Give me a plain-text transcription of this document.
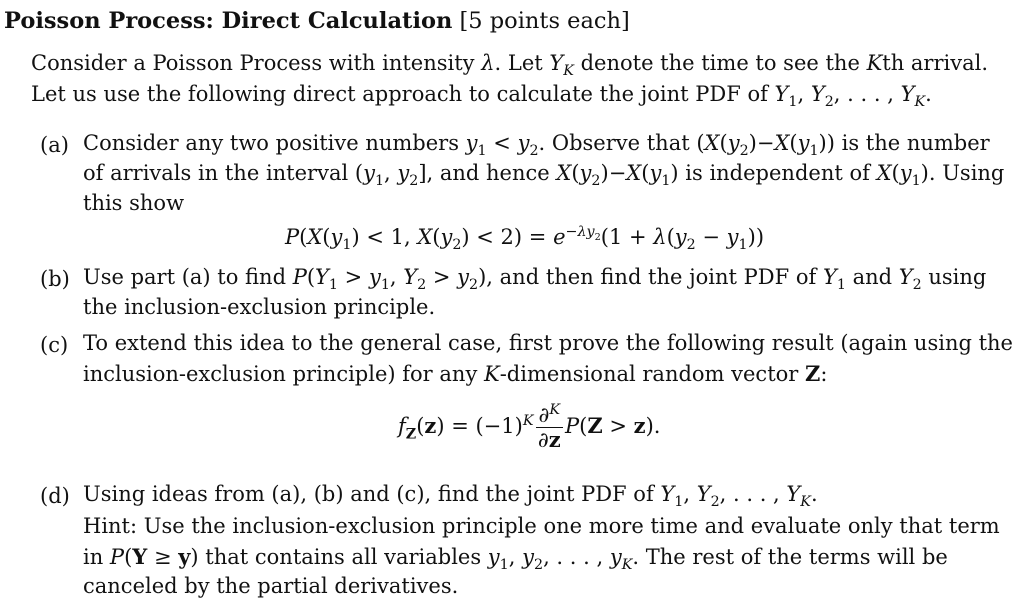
Poisson Process: Direct Calculation [5 points each]
Consider a Poisson Process with intensity λ. Let $Y_K$ denote the time to see the Kth arrival.
Let us use the following direct approach to calculate the joint PDF of $Y_1$, $Y_2$, . . . , $Y_K$.
(a) Consider any two positive numbers $y_1 < y_2$. Observe that $(X(y_2)-X(y_1))$ is the number
of arrivals in the interval ($y_1$, $y_2$], and hence $X(y_2)-X(y_1)$ is independent of $X(y_1)$. Using
this show
$P(X(y_1) < 1$, $X(y_2) < 2) = e^{-\lambda y_2}(1 + \lambda(y_2 - y_1))$
(b) Use part (a) to find $P(Y_1 > y_1$, $Y_2 > y_2$), and then find the joint PDF of $Y_1$ and $Y_2$ using
the inclusion-exclusion principle.
(c) To extend this idea to the general case, first prove the following result (again using the
inclusion-exclusion principle) for any K-dimensional random vector Z:
$f_Z(z) = (-1)^K \frac{\partial^K}{\partial z} P(Z > z)$.
(d) Using ideas from (a), (b) and (c), find the joint PDF of $Y_1$, $Y_2$, . . . , $Y_K$.
Hint: Use the inclusion-exclusion principle one more time and evaluate only that term
in P(Y ≥ y) that contains all variables $y_1$, $y_2$, . . . , $y_K$. The rest of the terms will be
canceled by the partial derivatives.
